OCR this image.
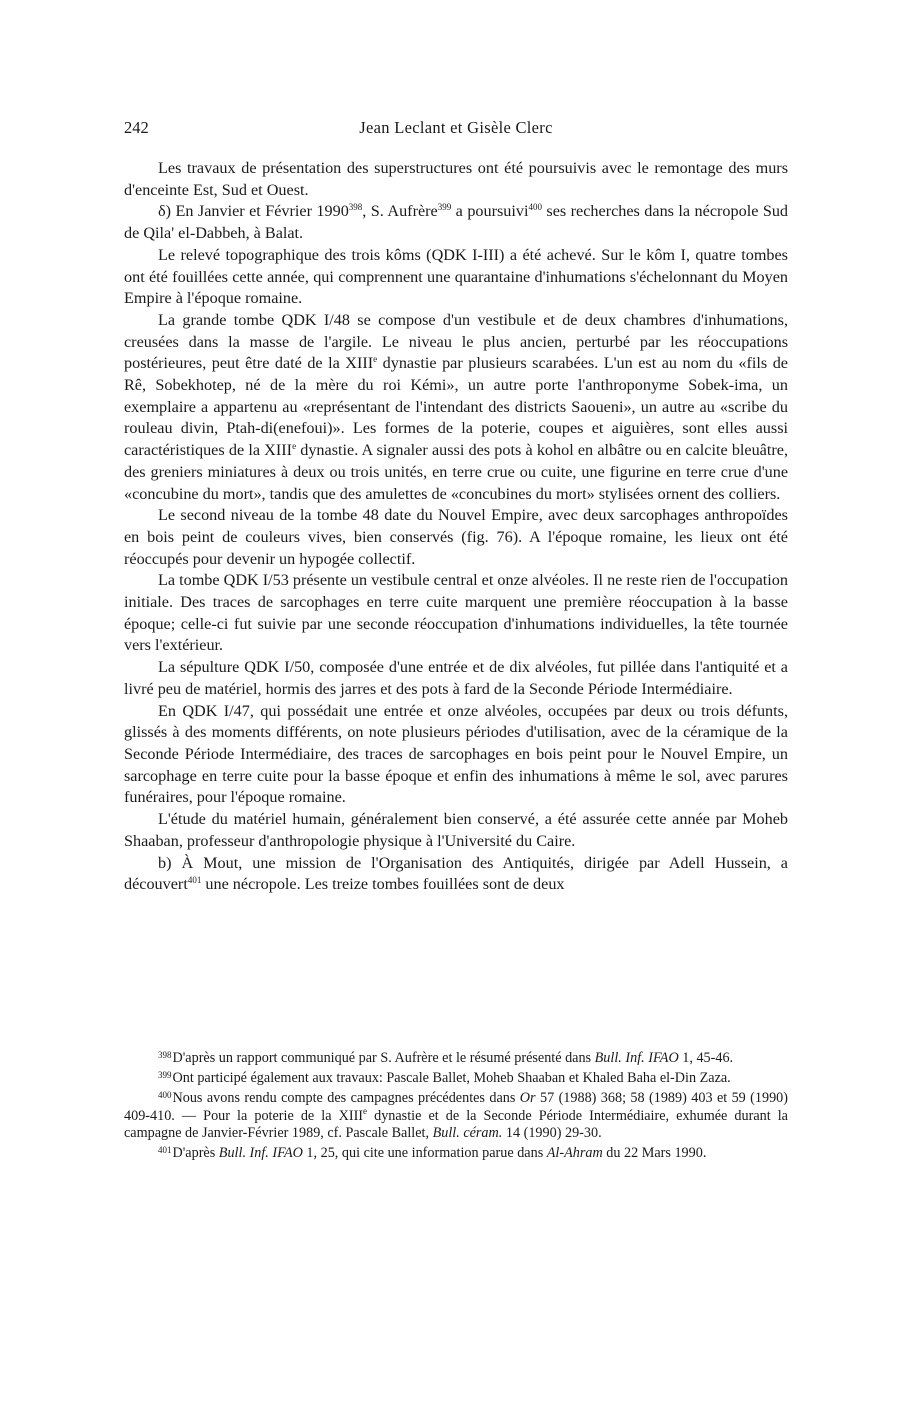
242	Jean Leclant et Gisèle Clerc

Les travaux de présentation des superstructures ont été poursuivis avec le remontage des murs d'enceinte Est, Sud et Ouest.

δ) En Janvier et Février 1990$^{398}$, S. Aufrère$^{399}$ a poursuivi$^{400}$ ses recherches dans la nécropole Sud de Qila' el-Dabbeh, à Balat.

Le relevé topographique des trois kôms (QDK I-III) a été achevé. Sur le kôm I, quatre tombes ont été fouillées cette année, qui comprennent une quarantaine d'inhumations s'échelonnant du Moyen Empire à l'époque romaine.

La grande tombe QDK I/48 se compose d'un vestibule et de deux chambres d'inhumations, creusées dans la masse de l'argile. Le niveau le plus ancien, perturbé par les réoccupations postérieures, peut être daté de la XIIIe dynastie par plusieurs scarabées. L'un est au nom du «fils de Rê, Sobekhotep, né de la mère du roi Kémi», un autre porte l'anthroponyme Sobek-ima, un exemplaire a appartenu au «représentant de l'intendant des districts Saoueni», un autre au «scribe du rouleau divin, Ptah-di(enefoui)». Les formes de la poterie, coupes et aiguières, sont elles aussi caractéristiques de la XIIIe dynastie. A signaler aussi des pots à kohol en albâtre ou en calcite bleuâtre, des greniers miniatures à deux ou trois unités, en terre crue ou cuite, une figurine en terre crue d'une «concubine du mort», tandis que des amulettes de «concubines du mort» stylisées ornent des colliers.

Le second niveau de la tombe 48 date du Nouvel Empire, avec deux sarcophages anthropoïdes en bois peint de couleurs vives, bien conservés (fig. 76). A l'époque romaine, les lieux ont été réoccupés pour devenir un hypogée collectif.

La tombe QDK I/53 présente un vestibule central et onze alvéoles. Il ne reste rien de l'occupation initiale. Des traces de sarcophages en terre cuite marquent une première réoccupation à la basse époque; celle-ci fut suivie par une seconde réoccupation d'inhumations individuelles, la tête tournée vers l'extérieur.

La sépulture QDK I/50, composée d'une entrée et de dix alvéoles, fut pillée dans l'antiquité et a livré peu de matériel, hormis des jarres et des pots à fard de la Seconde Période Intermédiaire.

En QDK I/47, qui possédait une entrée et onze alvéoles, occupées par deux ou trois défunts, glissés à des moments différents, on note plusieurs périodes d'utilisation, avec de la céramique de la Seconde Période Intermédiaire, des traces de sarcophages en bois peint pour le Nouvel Empire, un sarcophage en terre cuite pour la basse époque et enfin des inhumations à même le sol, avec parures funéraires, pour l'époque romaine.

L'étude du matériel humain, généralement bien conservé, a été assurée cette année par Moheb Shaaban, professeur d'anthropologie physique à l'Université du Caire.

b) À Mout, une mission de l'Organisation des Antiquités, dirigée par Adell Hussein, a découvert$^{401}$ une nécropole. Les treize tombes fouillées sont de deux

$^{398}$D'après un rapport communiqué par S. Aufrère et le résumé présenté dans Bull. Inf. IFAO 1, 45-46.

$^{399}$Ont participé également aux travaux: Pascale Ballet, Moheb Shaaban et Khaled Baha el-Din Zaza.

$^{400}$Nous avons rendu compte des campagnes précédentes dans Or 57 (1988) 368; 58 (1989) 403 et 59 (1990) 409-410. — Pour la poterie de la XIIIe dynastie et de la Seconde Période Intermédiaire, exhumée durant la campagne de Janvier-Février 1989, cf. Pascale Ballet, Bull. céram. 14 (1990) 29-30.

$^{401}$D'après Bull. Inf. IFAO 1, 25, qui cite une information parue dans Al-Ahram du 22 Mars 1990.
